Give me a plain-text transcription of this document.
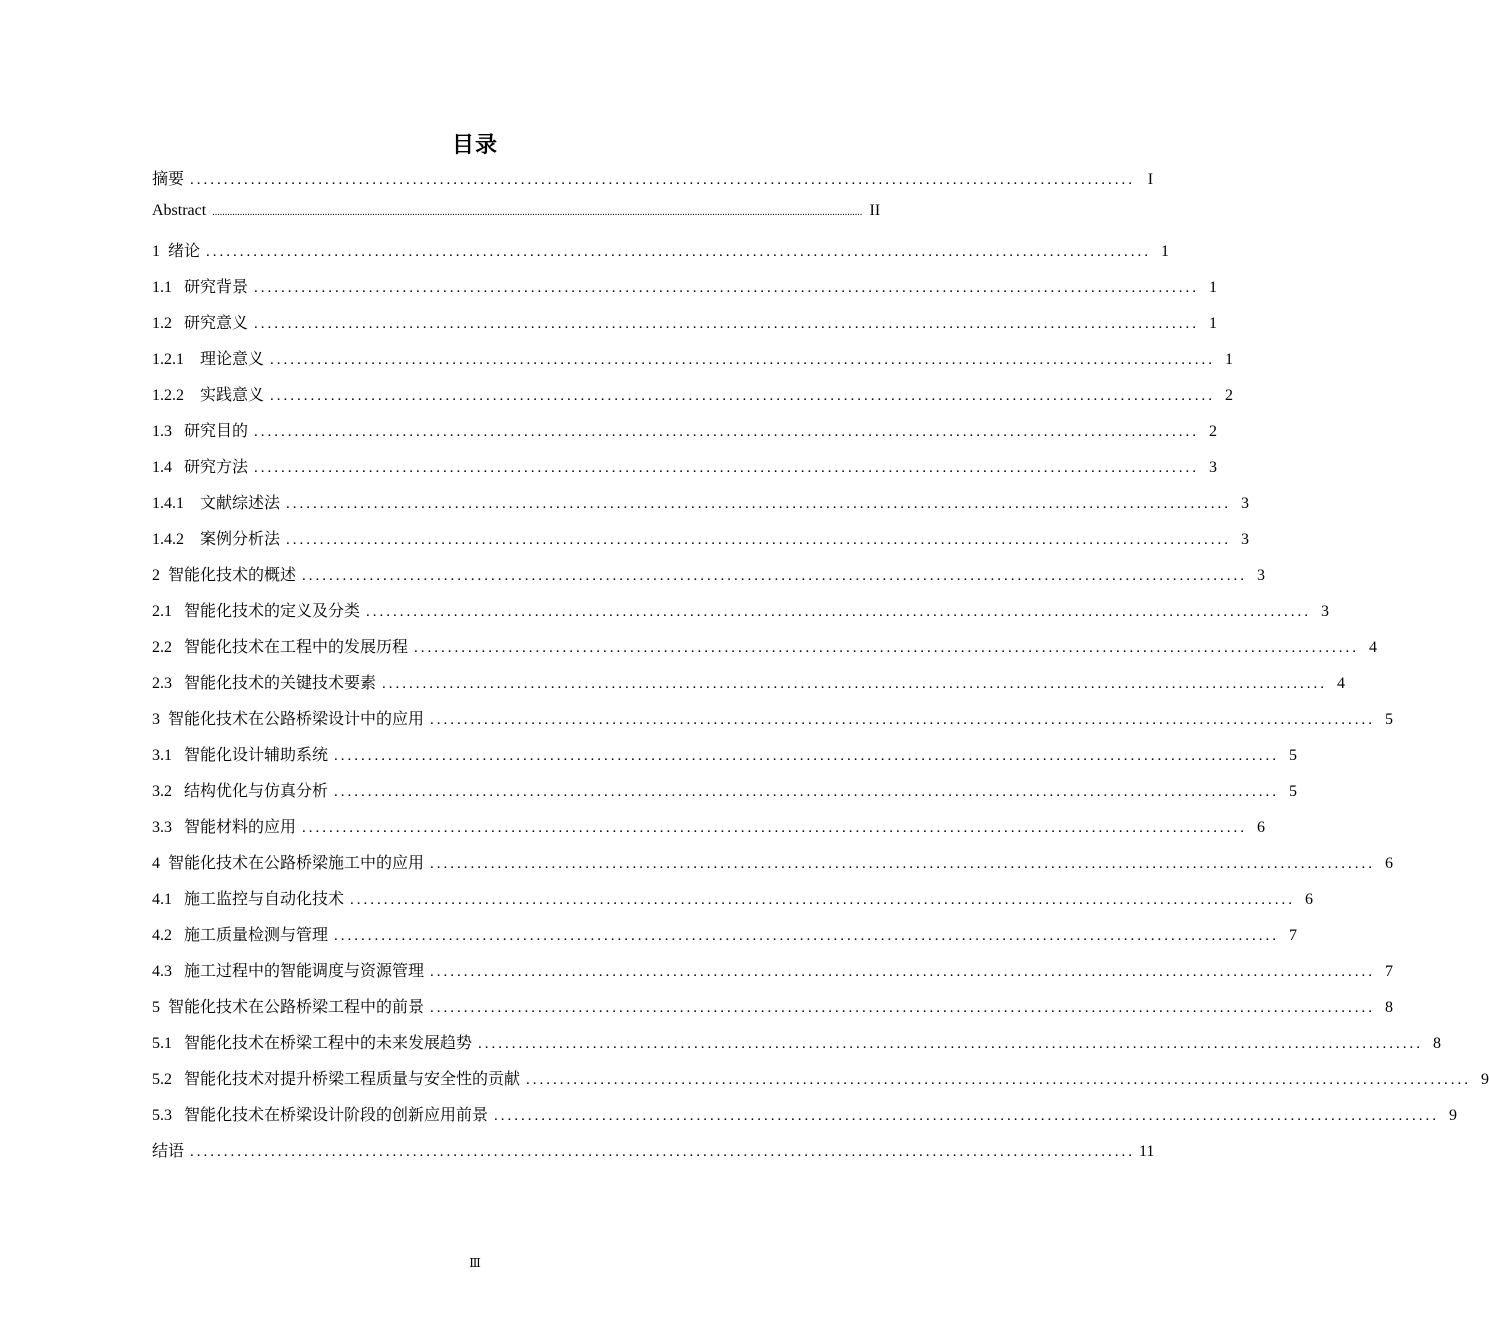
目录
摘要 ............................................................................................................................................ I
Abstract .................................................................................................................................................................................................................................................................... II
1  绪论 ............................................................................................................................................ 1
1.1   研究背景 ............................................................................................................................................ 1
1.2   研究意义 ............................................................................................................................................ 1
1.2.1    理论意义 ............................................................................................................................................ 1
1.2.2    实践意义 ............................................................................................................................................ 2
1.3   研究目的 ............................................................................................................................................ 2
1.4   研究方法 ............................................................................................................................................ 3
1.4.1    文献综述法 ............................................................................................................................................ 3
1.4.2    案例分析法 ............................................................................................................................................ 3
2  智能化技术的概述 ............................................................................................................................................ 3
2.1   智能化技术的定义及分类 ............................................................................................................................................ 3
2.2   智能化技术在工程中的发展历程 ............................................................................................................................................ 4
2.3   智能化技术的关键技术要素 ............................................................................................................................................ 4
3  智能化技术在公路桥梁设计中的应用 ............................................................................................................................................ 5
3.1   智能化设计辅助系统 ............................................................................................................................................ 5
3.2   结构优化与仿真分析 ............................................................................................................................................ 5
3.3   智能材料的应用 ............................................................................................................................................ 6
4  智能化技术在公路桥梁施工中的应用 ............................................................................................................................................ 6
4.1   施工监控与自动化技术 ............................................................................................................................................ 6
4.2   施工质量检测与管理 ............................................................................................................................................ 7
4.3   施工过程中的智能调度与资源管理 ............................................................................................................................................ 7
5  智能化技术在公路桥梁工程中的前景 ............................................................................................................................................ 8
5.1   智能化技术在桥梁工程中的未来发展趋势 ............................................................................................................................................ 8
5.2   智能化技术对提升桥梁工程质量与安全性的贡献 ............................................................................................................................................ 9
5.3   智能化技术在桥梁设计阶段的创新应用前景 ............................................................................................................................................ 9
结语 ............................................................................................................................................ 11
Ⅲ
